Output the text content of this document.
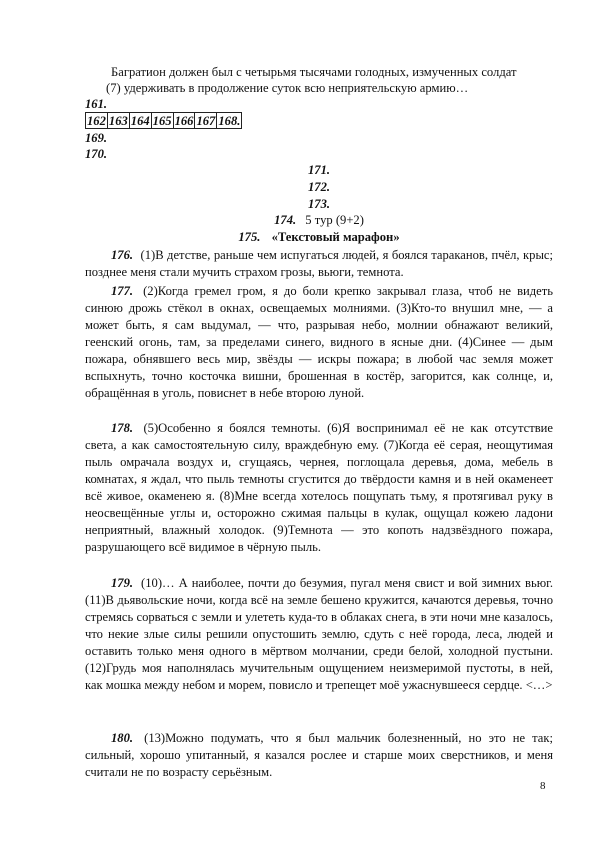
Багратион должен был с четырьмя тысячами голодных, измученных солдат
(7) удерживать в продолжение суток всю неприятельскую армию…
161.
162 163 164 165 166 167 168.
169.
170.
171.
172.
173.
174. 5 тур (9+2)
175. «Текстовый марафон»

176. (1)В детстве, раньше чем испугаться людей, я боялся тараканов, пчёл, крыс; позднее меня стали мучить страхом грозы, вьюги, темнота.

177. (2)Когда гремел гром, я до боли крепко закрывал глаза, чтоб не видеть синюю дрожь стёкол в окнах, освещаемых молниями. (3)Кто-то внушил мне, — а может быть, я сам выдумал, — что, разрывая небо, молнии обнажают великий, геенский огонь, там, за пределами синего, видного в ясные дни. (4)Синее — дым пожара, обнявшего весь мир, звёзды — искры пожара; в любой час земля может вспыхнуть, точно косточка вишни, брошенная в костёр, загорится, как солнце, и, обращённая в уголь, повиснет в небе второю луной.

178. (5)Особенно я боялся темноты. (6)Я воспринимал её не как отсутствие света, а как самостоятельную силу, враждебную ему. (7)Когда её серая, неощутимая пыль омрачала воздух и, сгущаясь, чернея, поглощала деревья, дома, мебель в комнатах, я ждал, что пыль темноты сгустится до твёрдости камня и в ней окаменеет всё живое, окаменею я. (8)Мне всегда хотелось пощупать тьму, я протягивал руку в неосвещённые углы и, осторожно сжимая пальцы в кулак, ощущал кожею ладони неприятный, влажный холодок. (9)Темнота — это копоть надзвёздного пожара, разрушающего всё видимое в чёрную пыль.

179. (10)… А наиболее, почти до безумия, пугал меня свист и вой зимних вьюг. (11)В дьявольские ночи, когда всё на земле бешено кружится, качаются деревья, точно стремясь сорваться с земли и улететь куда-то в облаках снега, в эти ночи мне казалось, что некие злые силы решили опустошить землю, сдуть с неё города, леса, людей и оставить только меня одного в мёртвом молчании, среди белой, холодной пустыни. (12)Грудь моя наполнялась мучительным ощущением неизмеримой пустоты, в ней, как мошка между небом и морем, повисло и трепещет моё ужаснувшееся сердце. <…>

180. (13)Можно подумать, что я был мальчик болезненный, но это не так; сильный, хорошо упитанный, я казался рослее и старше моих сверстников, и меня считали не по возрасту серьёзным.

8
